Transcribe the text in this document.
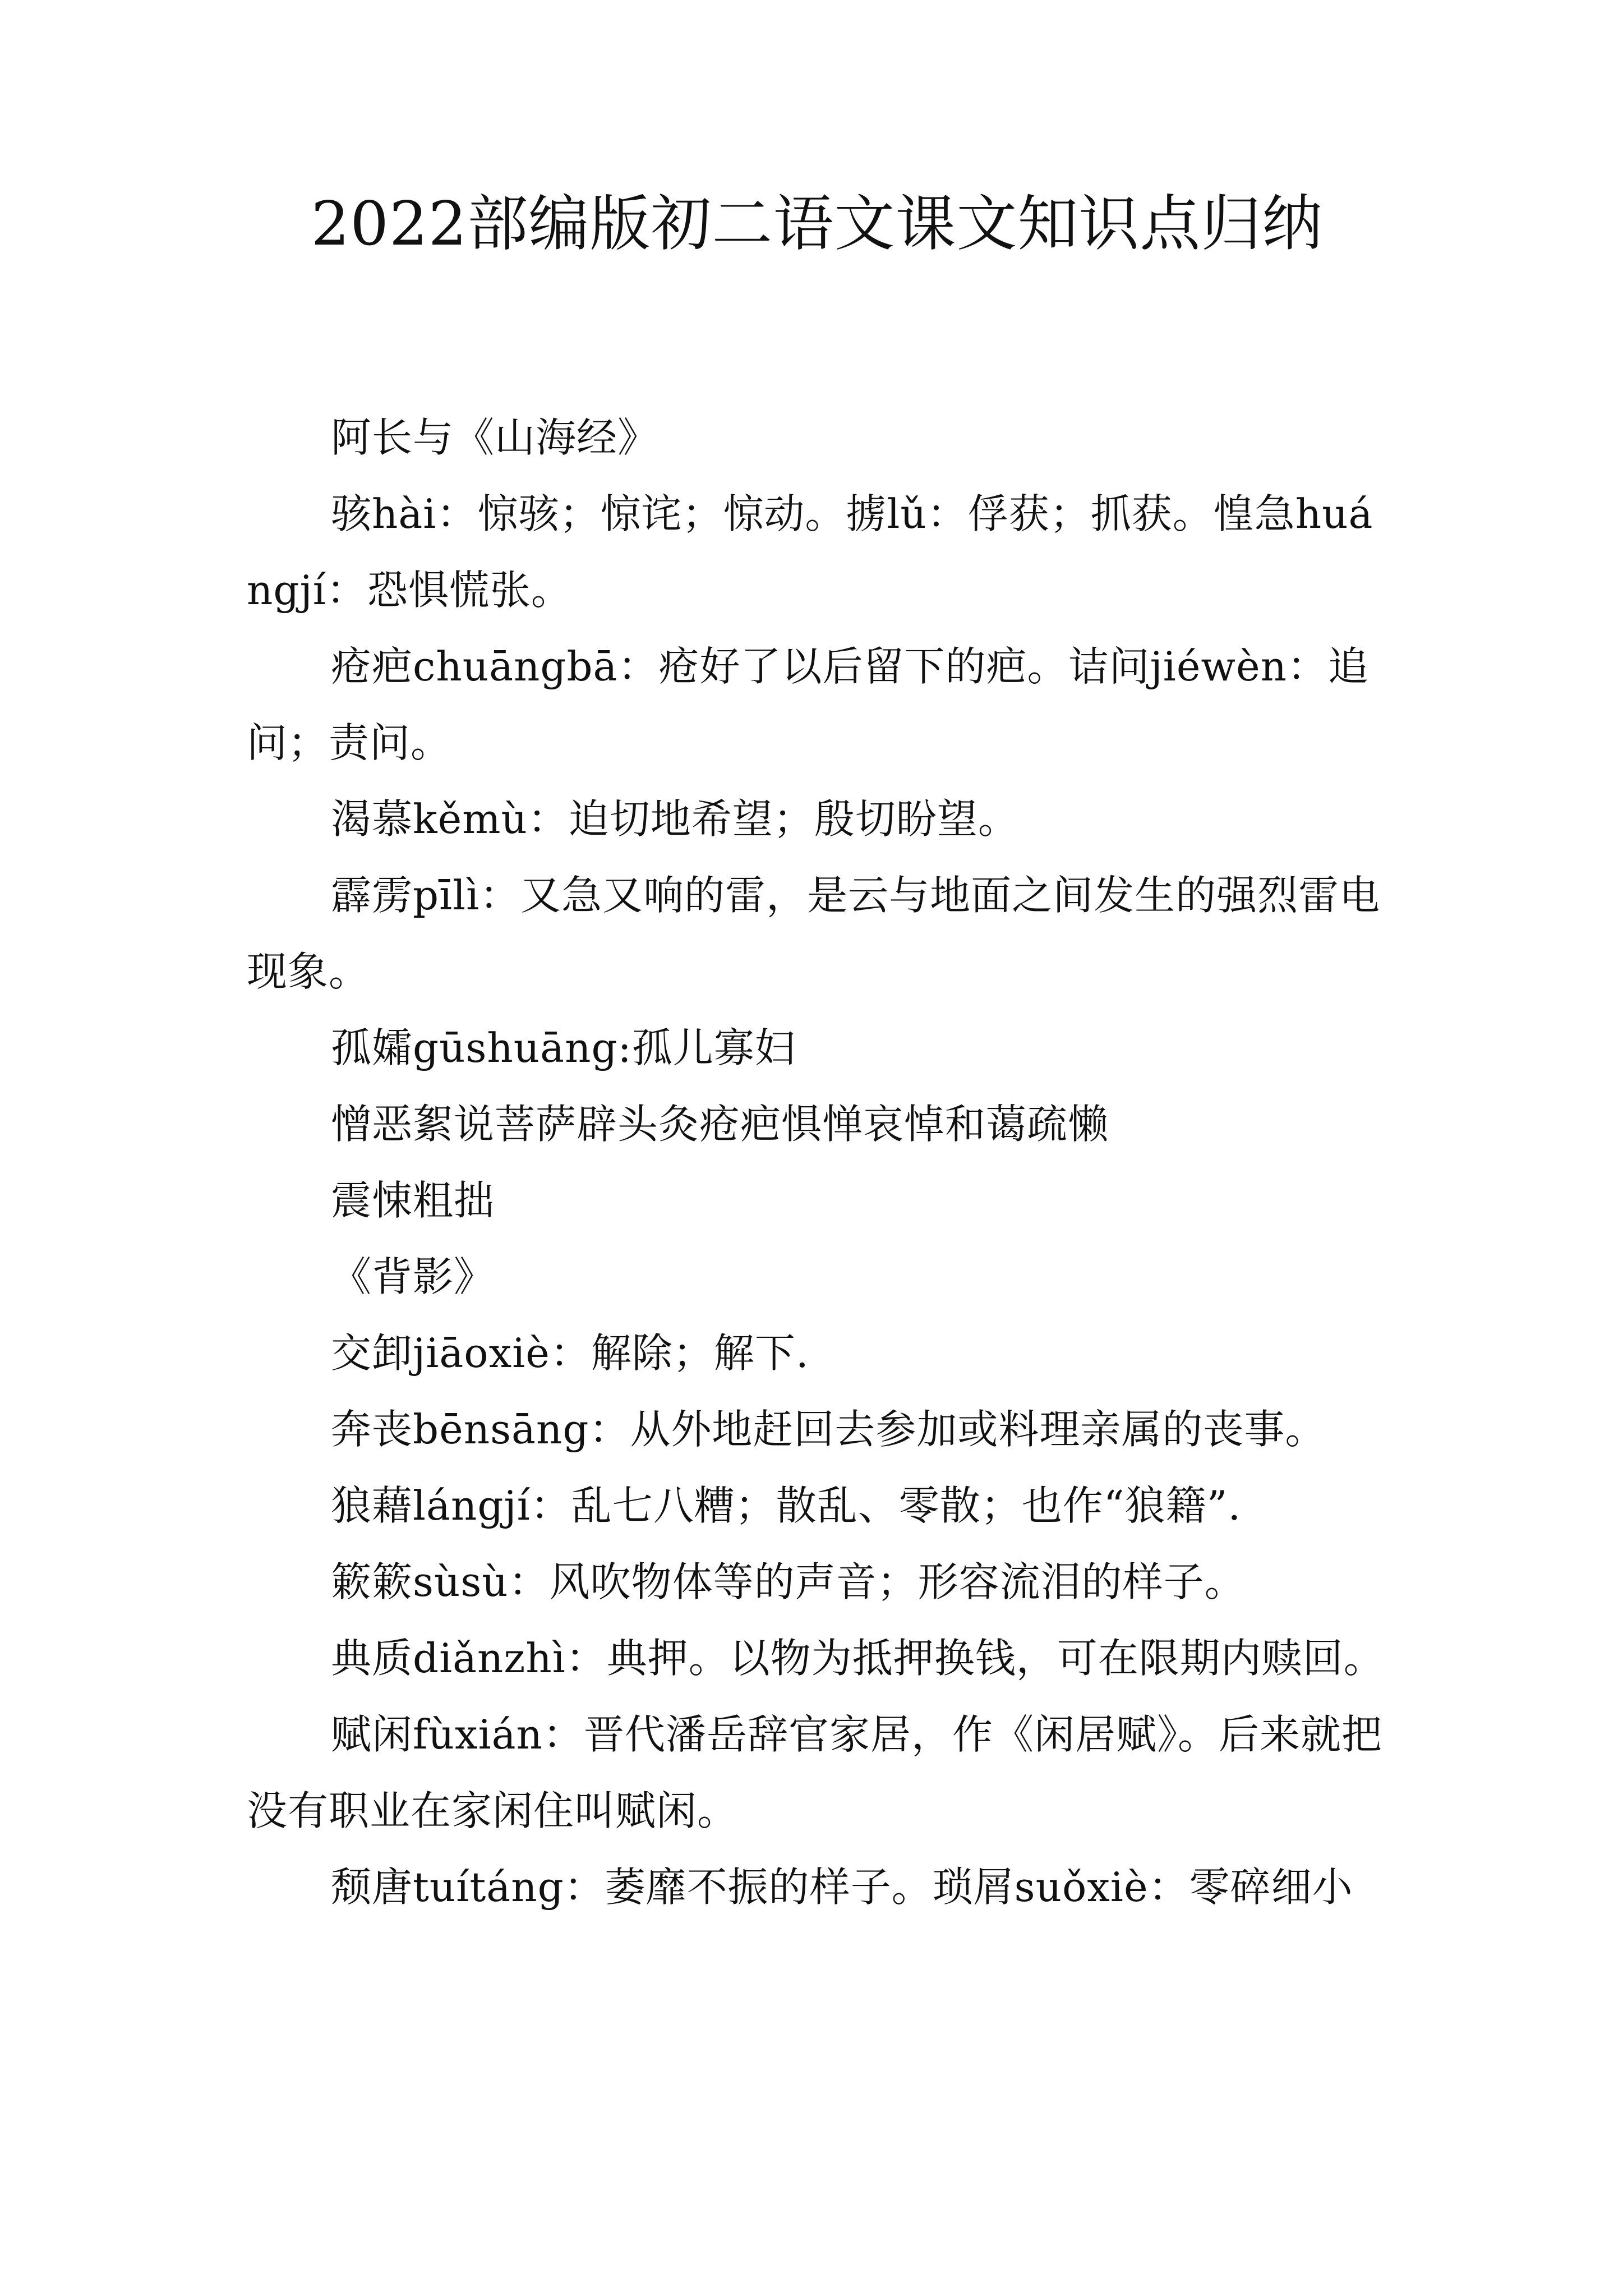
2022部编版初二语文课文知识点归纳

阿长与《山海经》

骇hài：惊骇；惊诧；惊动。掳lǔ：俘获；抓获。惶急huángjí：恐惧慌张。

疮疤chuāngbā：疮好了以后留下的疤。诘问jiéwèn：追问；责问。

渴慕kěmù：迫切地希望；殷切盼望。

霹雳pīlì：又急又响的雷，是云与地面之间发生的强烈雷电现象。

孤孀gūshuāng:孤儿寡妇

憎恶絮说菩萨辟头灸疮疤惧惮哀悼和蔼疏懒

震悚粗拙

《背影》

交卸jiāoxiè：解除；解下.

奔丧bēnsāng：从外地赶回去参加或料理亲属的丧事。

狼藉lángjí：乱七八糟；散乱、零散；也作“狼籍”.

簌簌sùsù：风吹物体等的声音；形容流泪的样子。

典质diǎnzhì：典押。以物为抵押换钱，可在限期内赎回。

赋闲fùxián：晋代潘岳辞官家居，作《闲居赋》。后来就把没有职业在家闲住叫赋闲。

颓唐tuítáng：萎靡不振的样子。琐屑suǒxiè：零碎细小
